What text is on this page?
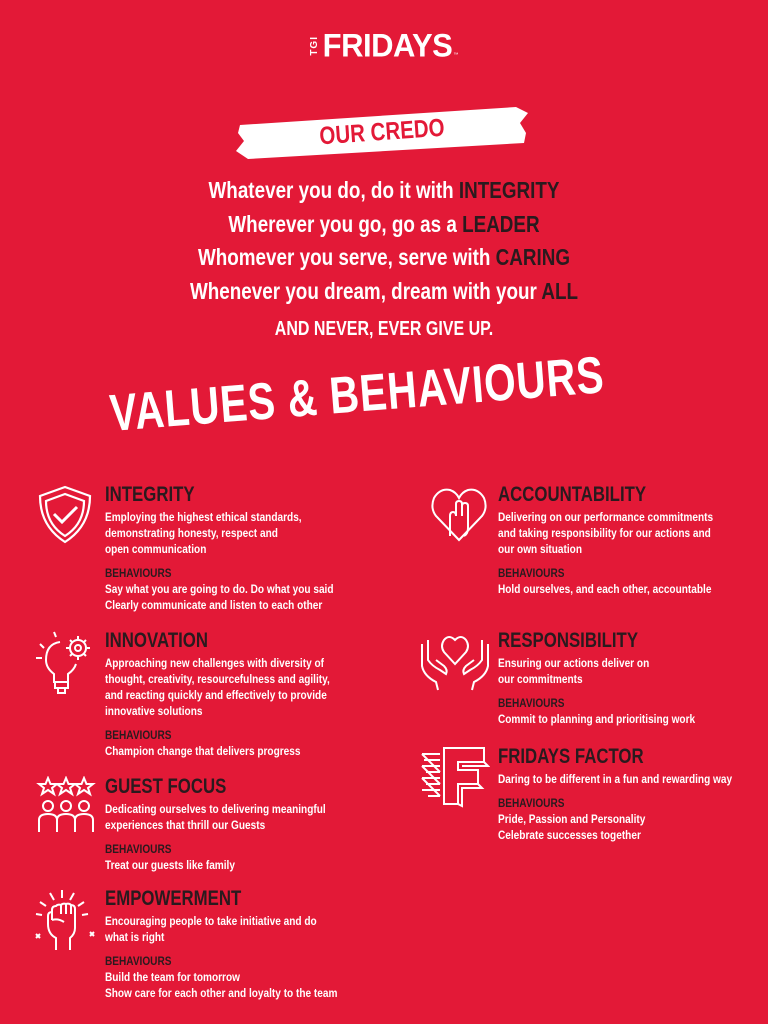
TGI FRIDAYS ™
OUR CREDO
Whatever you do, do it with INTEGRITY
Wherever you go, go as a LEADER
Whomever you serve, serve with CARING
Whenever you dream, dream with your ALL
AND NEVER, EVER GIVE UP.
VALUES & BEHAVIOURS
INTEGRITY
Employing the highest ethical standards,
demonstrating honesty, respect and
open communication
BEHAVIOURS
Say what you are going to do. Do what you said
Clearly communicate and listen to each other
INNOVATION
Approaching new challenges with diversity of
thought, creativity, resourcefulness and agility,
and reacting quickly and effectively to provide
innovative solutions
BEHAVIOURS
Champion change that delivers progress
GUEST FOCUS
Dedicating ourselves to delivering meaningful
experiences that thrill our Guests
BEHAVIOURS
Treat our guests like family
EMPOWERMENT
Encouraging people to take initiative and do
what is right
BEHAVIOURS
Build the team for tomorrow
Show care for each other and loyalty to the team
ACCOUNTABILITY
Delivering on our performance commitments
and taking responsibility for our actions and
our own situation
BEHAVIOURS
Hold ourselves, and each other, accountable
RESPONSIBILITY
Ensuring our actions deliver on
our commitments
BEHAVIOURS
Commit to planning and prioritising work
FRIDAYS FACTOR
Daring to be different in a fun and rewarding way
BEHAVIOURS
Pride, Passion and Personality
Celebrate successes together
